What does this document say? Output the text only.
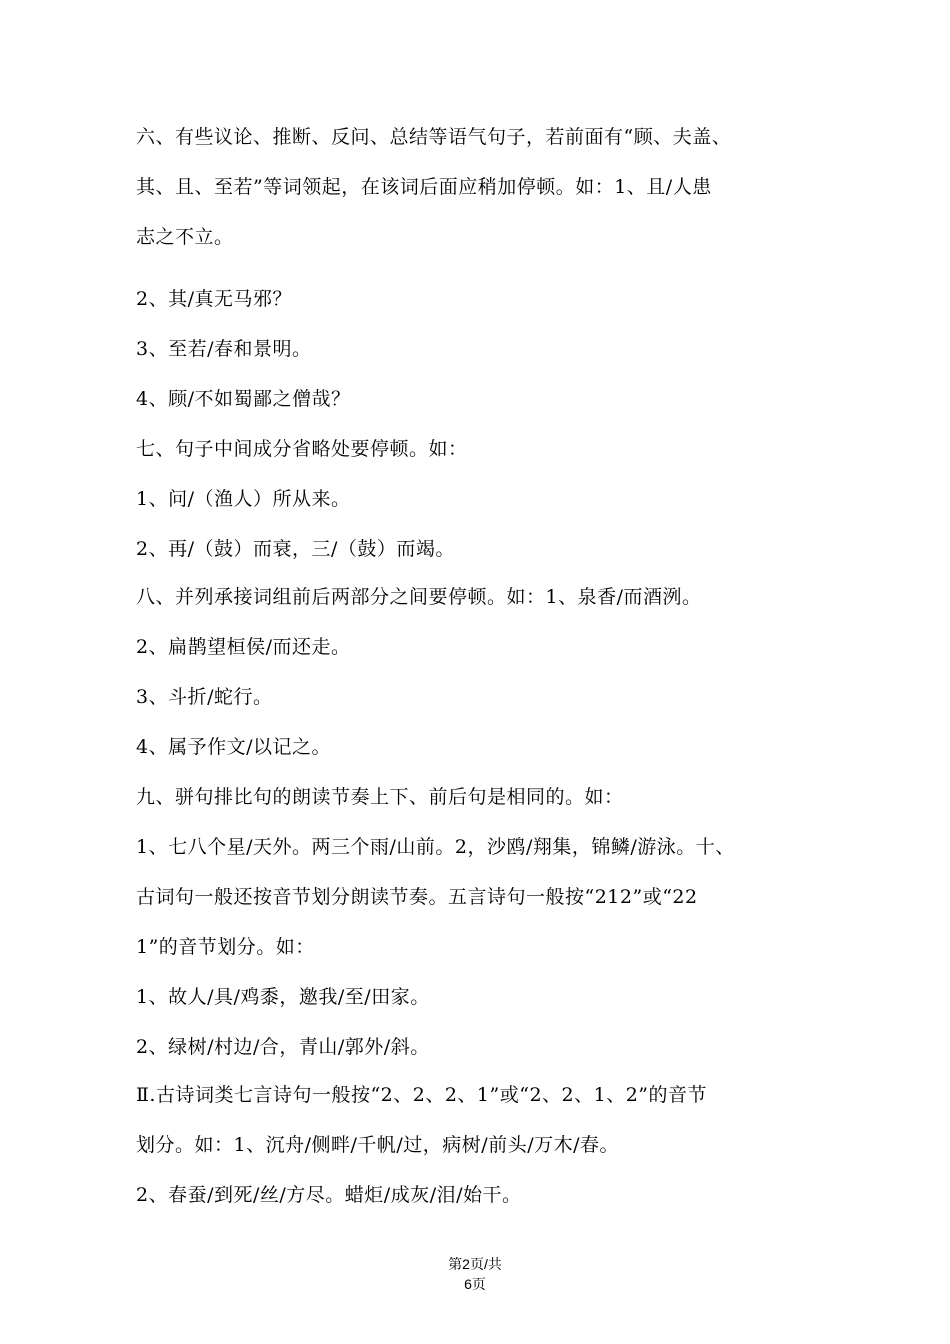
六、有些议论、推断、反问、总结等语气句子，若前面有“顾、夫盖、
其、且、至若”等词领起，在该词后面应稍加停顿。如：1、且/人患
志之不立。
2、其/真无马邪？
3、至若/春和景明。
4、顾/不如蜀鄙之僧哉？
七、句子中间成分省略处要停顿。如：
1、问/（渔人）所从来。
2、再/（鼓）而衰，三/（鼓）而竭。
八、并列承接词组前后两部分之间要停顿。如：1、泉香/而酒洌。
2、扁鹊望桓侯/而还走。
3、斗折/蛇行。
4、属予作文/以记之。
九、骈句排比句的朗读节奏上下、前后句是相同的。如：
1、七八个星/天外。两三个雨/山前。2，沙鸥/翔集，锦鳞/游泳。十、
古词句一般还按音节划分朗读节奏。五言诗句一般按“212”或“22
1”的音节划分。如：
1、故人/具/鸡黍，邀我/至/田家。
2、绿树/村边/合，青山/郭外/斜。
Ⅱ.古诗词类七言诗句一般按“2、2、2、1”或“2、2、1、2”的音节
划分。如：1、沉舟/侧畔/千帆/过，病树/前头/万木/春。
2、春蚕/到死/丝/方尽。蜡炬/成灰/泪/始干。
第2页/共
6页
